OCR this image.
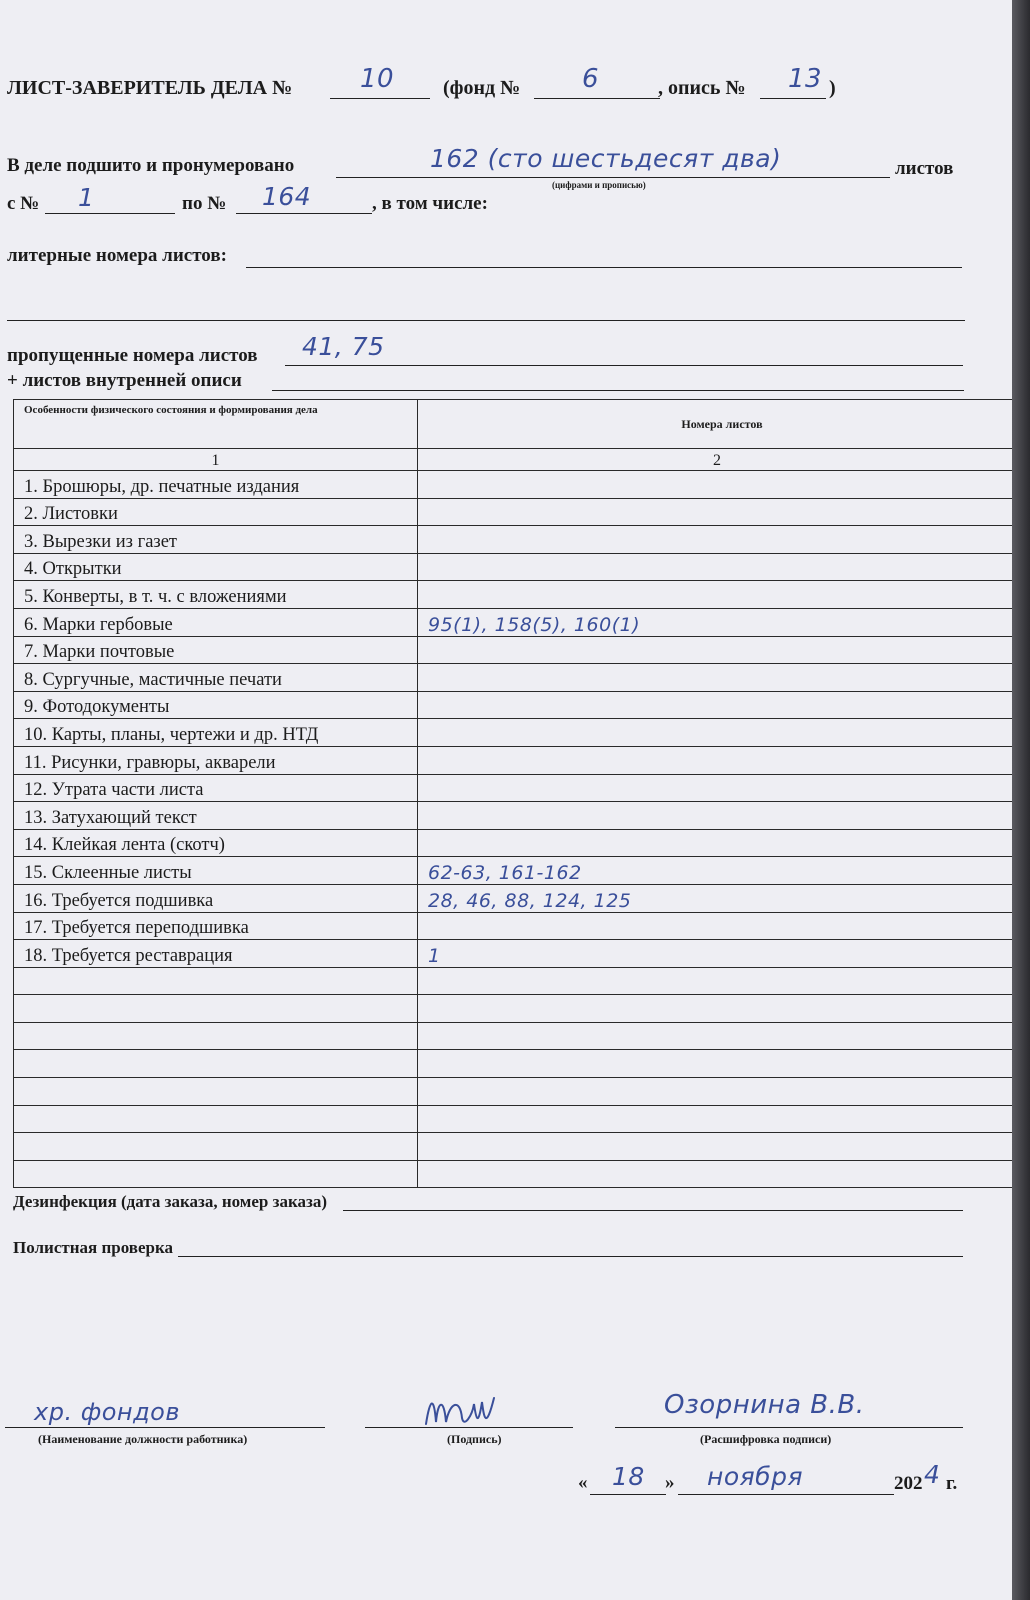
ЛИСТ-ЗАВЕРИТЕЛЬ ДЕЛА №	10 (фонд № 6	, опись № 13 )
В деле подшито и пронумеровано	162 (сто шестьдесят два)	листов
(цифрами и прописью)
с № 1	по № 164	, в том числе:
литерные номера листов:
пропущенные номера листов 41, 75
+ листов внутренней описи
Особенности физического состояния и формирования дела	Номера листов
1	2
1. Брошюры, др. печатные издания	
2. Листовки	
3. Вырезки из газет	
4. Открытки	
5. Конверты, в т. ч. с вложениями	
6. Марки гербовые	95(1), 158(5), 160(1)
7. Марки почтовые	
8. Сургучные, мастичные печати	
9. Фотодокументы	
10. Карты, планы, чертежи и др. НТД	
11. Рисунки, гравюры, акварели	
12. Утрата части листа	
13. Затухающий текст	
14. Клейкая лента (скотч)	
15. Склеенные листы	62-63, 161-162
16. Требуется подшивка	28, 46, 88, 124, 125
17. Требуется переподшивка	
18. Требуется реставрация	1

Дезинфекция (дата заказа, номер заказа)
Полистная проверка
хр. фондов
(Наименование должности работника)	(Подпись)
Озорнина В.В.
(Расшифровка подписи)
« 18 » ноября	202 4 г.
